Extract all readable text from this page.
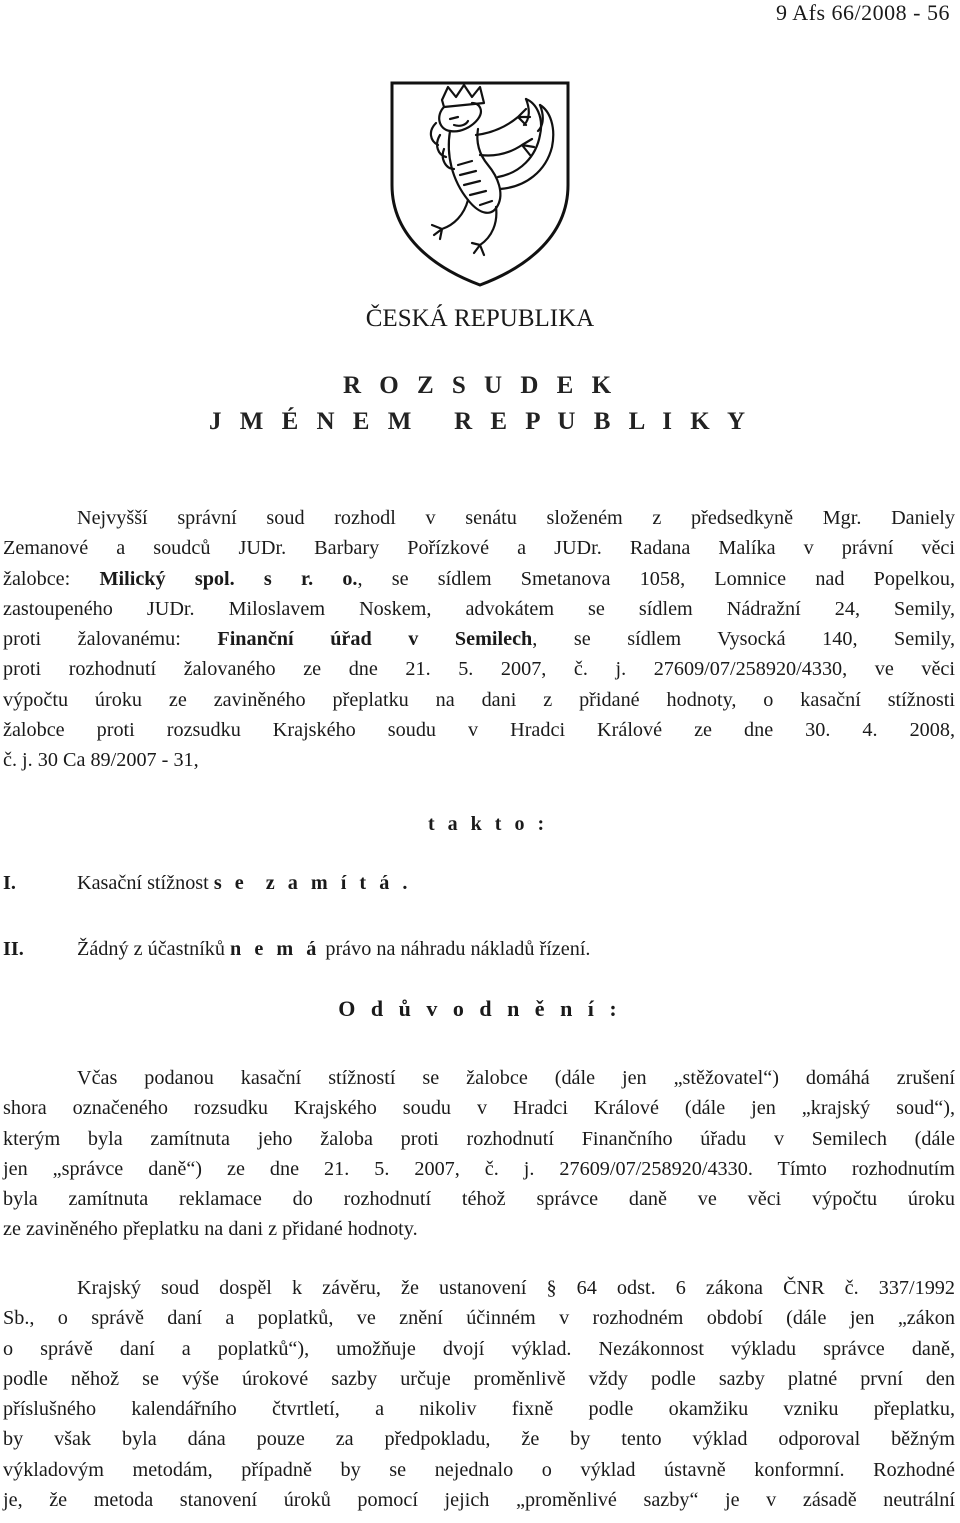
9 Afs 66/2008 - 56
ČESKÁ REPUBLIKA
R O Z S U D E K
J M É N E M   R E P U B L I K Y
Nejvyšší správní soud rozhodl v senátu složeném z předsedkyně Mgr. Daniely
Zemanové a soudců JUDr. Barbary Pořízkové a JUDr. Radana Malíka v právní věci
žalobce: Milický spol. s r. o., se sídlem Smetanova 1058, Lomnice nad Popelkou,
zastoupeného JUDr. Miloslavem Noskem, advokátem se sídlem Nádražní 24, Semily,
proti žalovanému: Finanční úřad v Semilech, se sídlem Vysocká 140, Semily,
proti rozhodnutí žalovaného ze dne 21. 5. 2007, č. j. 27609/07/258920/4330, ve věci
výpočtu úroku ze zaviněného přeplatku na dani z přidané hodnoty, o kasační stížnosti
žalobce proti rozsudku Krajského soudu v Hradci Králové ze dne 30. 4. 2008,
č. j. 30 Ca 89/2007 - 31,
t a k t o :
I.	Kasační stížnost s e  z a m í t á .
II.	Žádný z účastníků n e m á právo na náhradu nákladů řízení.
O d ů v o d n ě n í :
Včas podanou kasační stížností se žalobce (dále jen „stěžovatel“) domáhá zrušení
shora označeného rozsudku Krajského soudu v Hradci Králové (dále jen „krajský soud“),
kterým byla zamítnuta jeho žaloba proti rozhodnutí Finančního úřadu v Semilech (dále
jen „správce daně“) ze dne 21. 5. 2007, č. j. 27609/07/258920/4330. Tímto rozhodnutím
byla zamítnuta reklamace do rozhodnutí téhož správce daně ve věci výpočtu úroku
ze zaviněného přeplatku na dani z přidané hodnoty.
Krajský soud dospěl k závěru, že ustanovení § 64 odst. 6 zákona ČNR č. 337/1992
Sb., o správě daní a poplatků, ve znění účinném v rozhodném období (dále jen „zákon
o správě daní a poplatků“), umožňuje dvojí výklad. Nezákonnost výkladu správce daně,
podle něhož se výše úrokové sazby určuje proměnlivě vždy podle sazby platné první den
příslušného kalendářního čtvrtletí, a nikoliv fixně podle okamžiku vzniku přeplatku,
by však byla dána pouze za předpokladu, že by tento výklad odporoval běžným
výkladovým metodám, případně by se nejednalo o výklad ústavně konformní. Rozhodné
je, že metoda stanovení úroků pomocí jejich „proměnlivé sazby“ je v zásadě neutrální
